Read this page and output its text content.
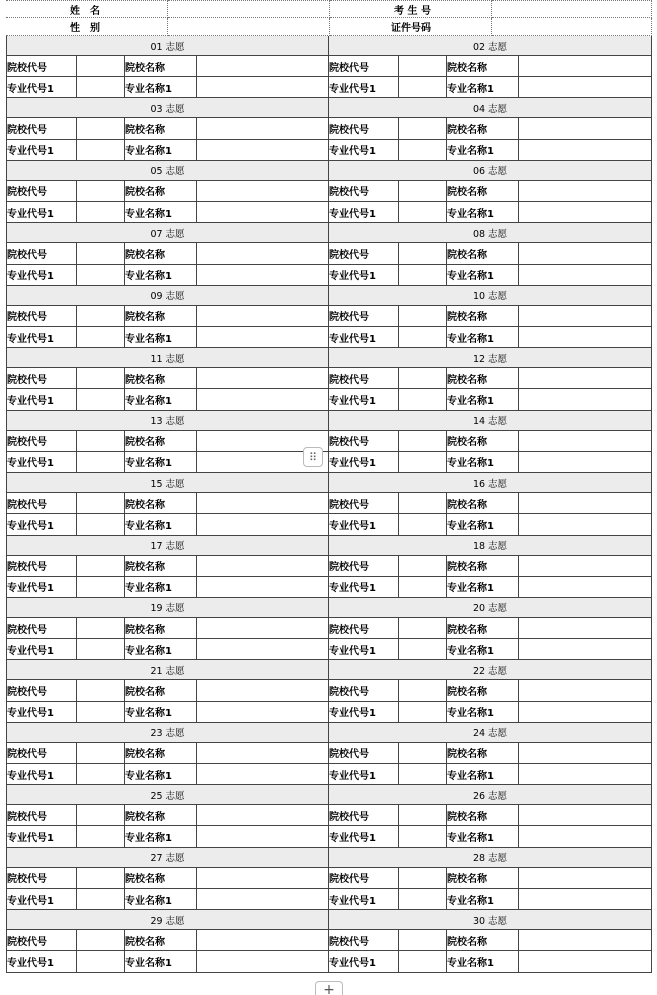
姓　名	考 生 号
性　别	证件号码
01 志愿
院校代号	院校名称
专业代号1	专业名称1
02 志愿
院校代号	院校名称
专业代号1	专业名称1
03 志愿
院校代号	院校名称
专业代号1	专业名称1
04 志愿
院校代号	院校名称
专业代号1	专业名称1
05 志愿
院校代号	院校名称
专业代号1	专业名称1
06 志愿
院校代号	院校名称
专业代号1	专业名称1
07 志愿
院校代号	院校名称
专业代号1	专业名称1
08 志愿
院校代号	院校名称
专业代号1	专业名称1
09 志愿
院校代号	院校名称
专业代号1	专业名称1
10 志愿
院校代号	院校名称
专业代号1	专业名称1
11 志愿
院校代号	院校名称
专业代号1	专业名称1
12 志愿
院校代号	院校名称
专业代号1	专业名称1
13 志愿
院校代号	院校名称
专业代号1	专业名称1
14 志愿
院校代号	院校名称
专业代号1	专业名称1
15 志愿
院校代号	院校名称
专业代号1	专业名称1
16 志愿
院校代号	院校名称
专业代号1	专业名称1
17 志愿
院校代号	院校名称
专业代号1	专业名称1
18 志愿
院校代号	院校名称
专业代号1	专业名称1
19 志愿
院校代号	院校名称
专业代号1	专业名称1
20 志愿
院校代号	院校名称
专业代号1	专业名称1
21 志愿
院校代号	院校名称
专业代号1	专业名称1
22 志愿
院校代号	院校名称
专业代号1	专业名称1
23 志愿
院校代号	院校名称
专业代号1	专业名称1
24 志愿
院校代号	院校名称
专业代号1	专业名称1
25 志愿
院校代号	院校名称
专业代号1	专业名称1
26 志愿
院校代号	院校名称
专业代号1	专业名称1
27 志愿
院校代号	院校名称
专业代号1	专业名称1
28 志愿
院校代号	院校名称
专业代号1	专业名称1
29 志愿
院校代号	院校名称
专业代号1	专业名称1
30 志愿
院校代号	院校名称
专业代号1	专业名称1
⠿
+
